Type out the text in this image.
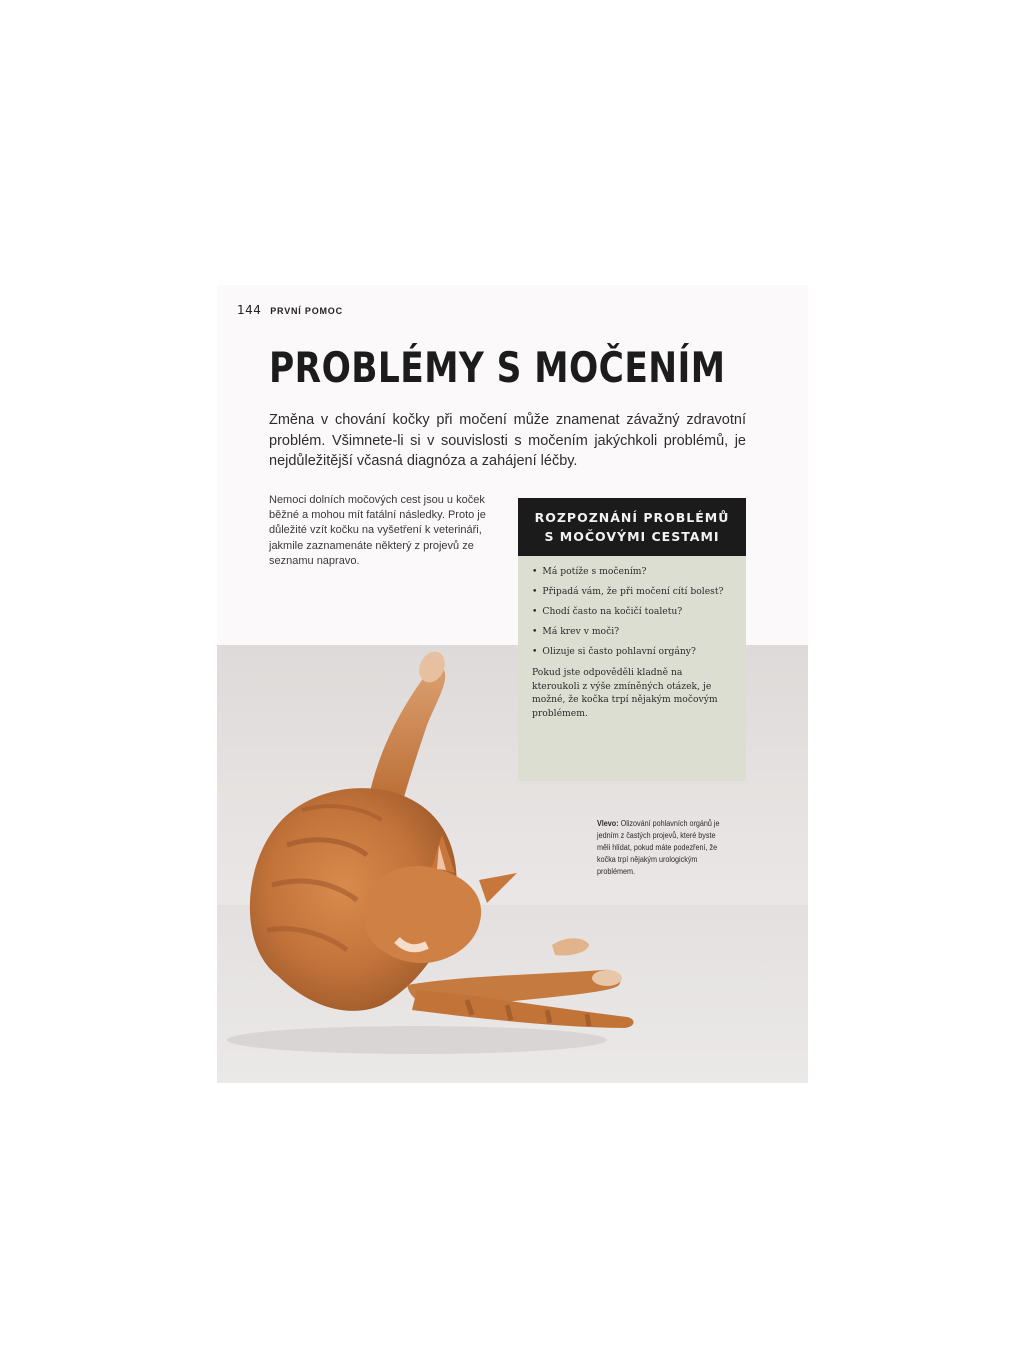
144 PRVNÍ POMOC
PROBLÉMY S MOČENÍM

Změna v chování kočky při močení může znamenat závažný zdravotní problém. Všimnete-li si v souvislosti s močením jakýchkoli problémů, je nejdůležitější včasná diagnóza a zahájení léčby.

Nemoci dolních močových cest jsou u koček běžné a mohou mít fatální následky. Proto je důležité vzít kočku na vyšetření k veterináři, jakmile zaznamenáte některý z projevů ze seznamu napravo.

ROZPOZNÁNÍ PROBLÉMŮ
S MOČOVÝMI CESTAMI
• Má potíže s močením?
• Připadá vám, že při močení cítí bolest?
• Chodí často na kočičí toaletu?
• Má krev v moči?
• Olizuje si často pohlavní orgány?

Pokud jste odpověděli kladně na kteroukoli z výše zmíněných otázek, je možné, že kočka trpí nějakým močovým problémem.

Vlevo: Olizování pohlavních orgánů je jedním z častých projevů, které byste měli hlídat, pokud máte podezření, že kočka trpí nějakým urologickým problémem.
